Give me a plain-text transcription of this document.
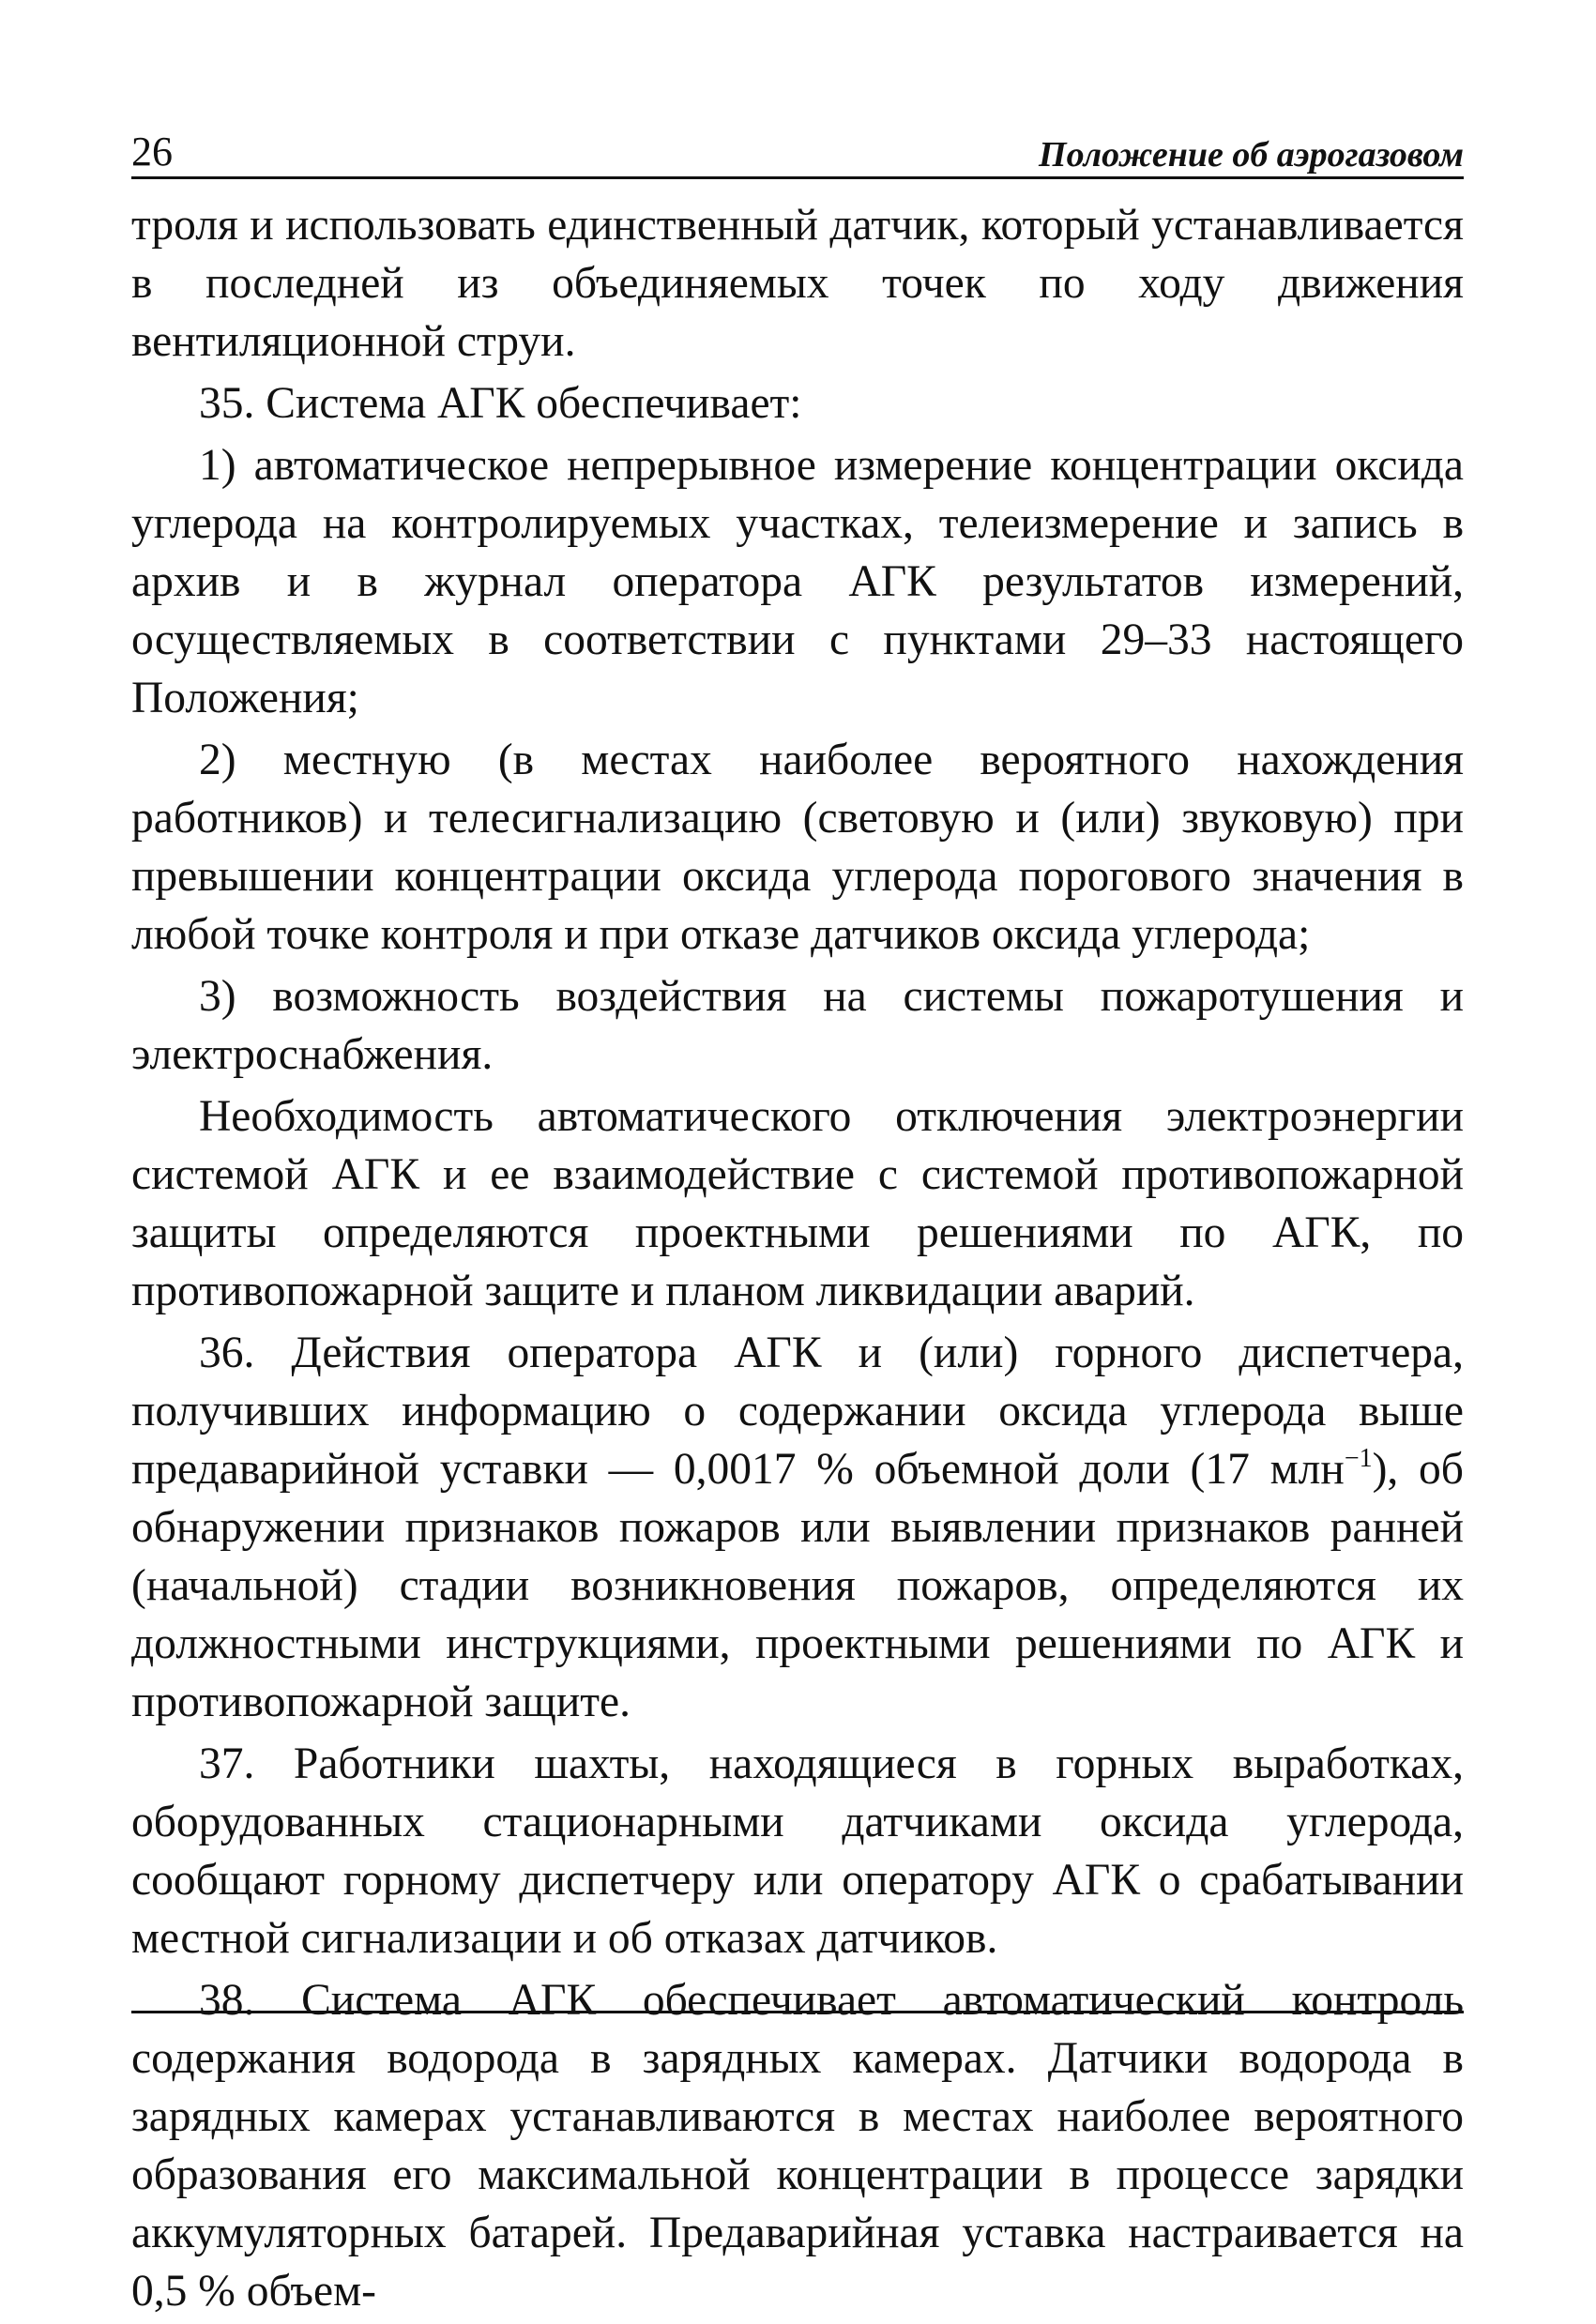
26	Положение об аэрогазовом

троля и использовать единственный датчик, который устанавливается в последней из объединяемых точек по ходу движения вентиляционной струи.

35. Система АГК обеспечивает:

1) автоматическое непрерывное измерение концентрации оксида углерода на контролируемых участках, телеизмерение и запись в архив и в журнал оператора АГК результатов измерений, осуществляемых в соответствии с пунктами 29–33 настоящего Положения;

2) местную (в местах наиболее вероятного нахождения работников) и телесигнализацию (световую и (или) звуковую) при превышении концентрации оксида углерода порогового значения в любой точке контроля и при отказе датчиков оксида углерода;

3) возможность воздействия на системы пожаротушения и электроснабжения.

Необходимость автоматического отключения электроэнергии системой АГК и ее взаимодействие с системой противопожарной защиты определяются проектными решениями по АГК, по противопожарной защите и планом ликвидации аварий.

36. Действия оператора АГК и (или) горного диспетчера, получивших информацию о содержании оксида углерода выше предаварийной уставки — 0,0017 % объемной доли (17 млн$^{-1}$), об обнаружении признаков пожаров или выявлении признаков ранней (начальной) стадии возникновения пожаров, определяются их должностными инструкциями, проектными решениями по АГК и противопожарной защите.

37. Работники шахты, находящиеся в горных выработках, оборудованных стационарными датчиками оксида углерода, сообщают горному диспетчеру или оператору АГК о срабатывании местной сигнализации и об отказах датчиков.

38. Система АГК обеспечивает автоматический контроль содержания водорода в зарядных камерах. Датчики водорода в зарядных камерах устанавливаются в местах наиболее вероятного образования его максимальной концентрации в процессе зарядки аккумуляторных батарей. Предаварийная уставка настраивается на 0,5 % объем-
